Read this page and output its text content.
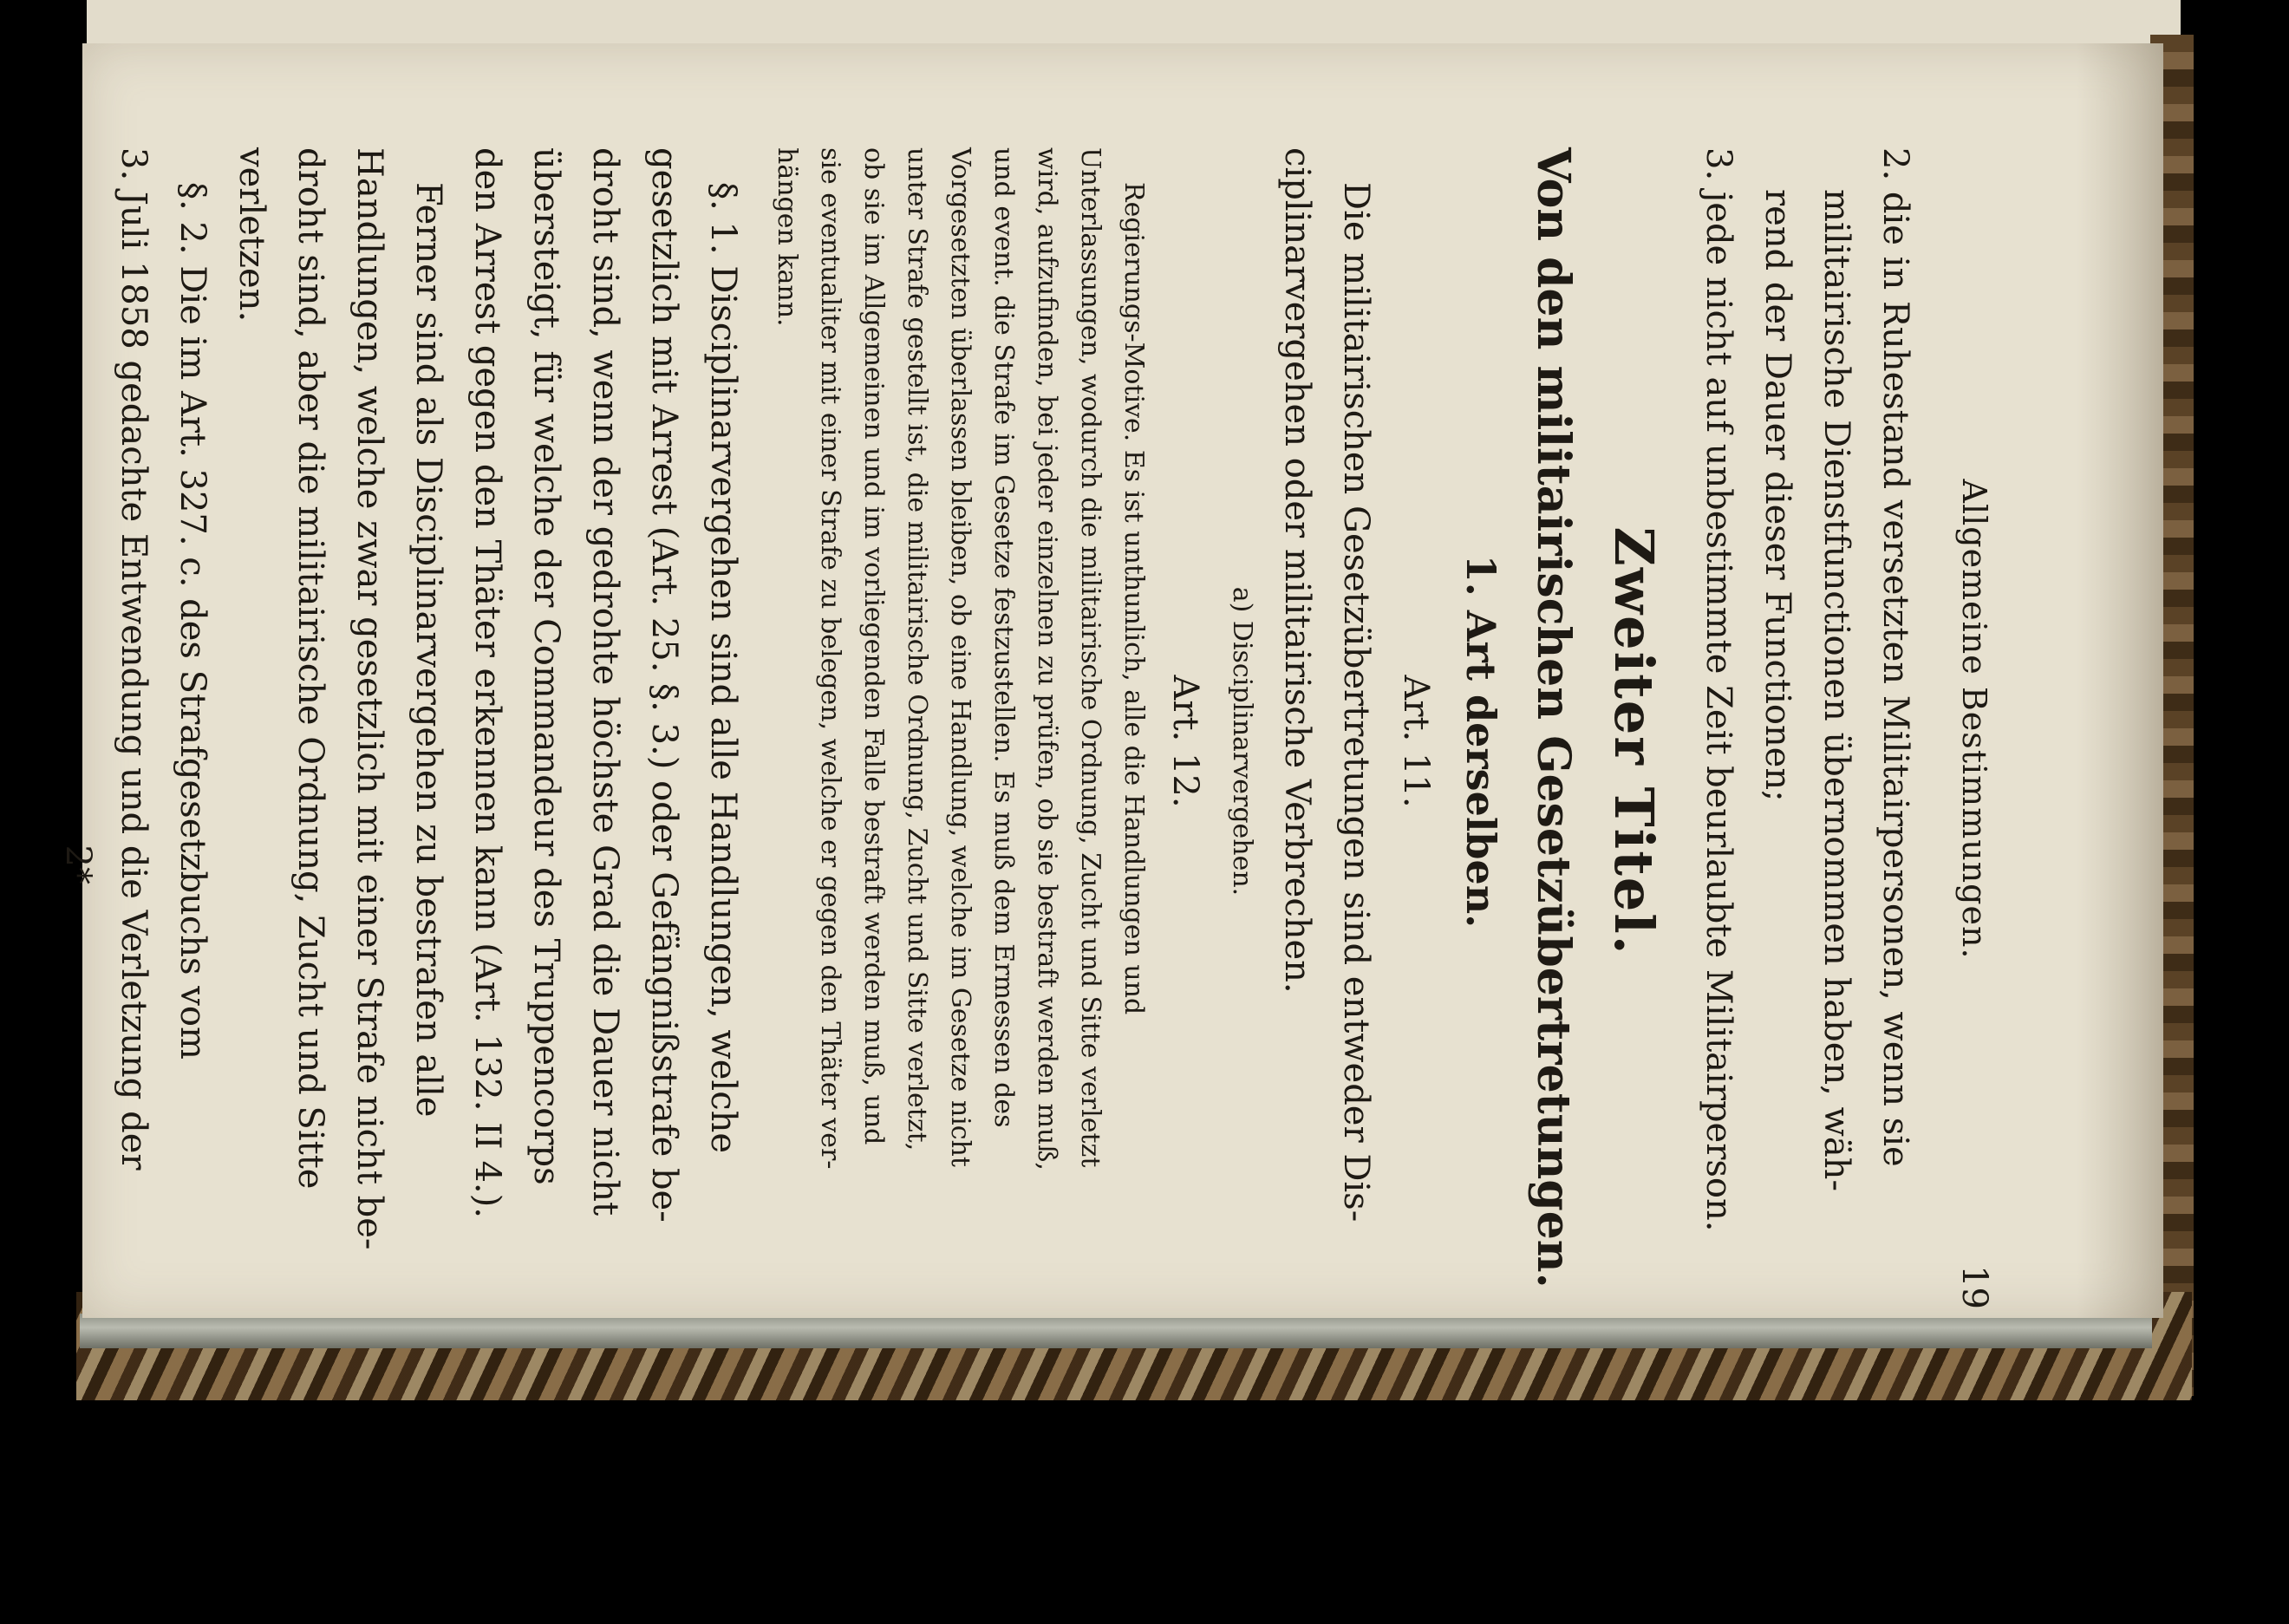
Allgemeine Bestimmungen.
19
2. die in Ruhestand versetzten Militairpersonen, wenn sie
militairische Dienstfunctionen übernommen haben, wäh-
rend der Dauer dieser Functionen;
3. jede nicht auf unbestimmte Zeit beurlaubte Militairperson.
Zweiter Titel.
Von den militairischen Gesetzübertretungen.
1. Art derselben.
Art. 11.
Die militairischen Gesetzübertretungen sind entweder Dis-
ciplinarvergehen oder militairische Verbrechen.
a) Disciplinarvergehen.
Art. 12.
Regierungs-Motive. Es ist unthunlich, alle die Handlungen und
Unterlassungen, wodurch die militairische Ordnung, Zucht und Sitte verletzt
wird, aufzufinden, bei jeder einzelnen zu prüfen, ob sie bestraft werden muß,
und event. die Strafe im Gesetze festzustellen. Es muß dem Ermessen des
Vorgesetzten überlassen bleiben, ob eine Handlung, welche im Gesetze nicht
unter Strafe gestellt ist, die militairische Ordnung, Zucht und Sitte verletzt,
ob sie im Allgemeinen und im vorliegenden Falle bestraft werden muß, und
sie eventualiter mit einer Strafe zu belegen, welche er gegen den Thäter ver-
hängen kann.
§. 1. Disciplinarvergehen sind alle Handlungen, welche
gesetzlich mit Arrest (Art. 25. §. 3.) oder Gefängnißstrafe be-
droht sind, wenn der gedrohte höchste Grad die Dauer nicht
übersteigt, für welche der Commandeur des Truppencorps
den Arrest gegen den Thäter erkennen kann (Art. 132. II 4.).
Ferner sind als Disciplinarvergehen zu bestrafen alle
Handlungen, welche zwar gesetzlich mit einer Strafe nicht be-
droht sind, aber die militairische Ordnung, Zucht und Sitte
verletzen.
§. 2. Die im Art. 327. c. des Strafgesetzbuchs vom
3. Juli 1858 gedachte Entwendung und die Verletzung der
2*
